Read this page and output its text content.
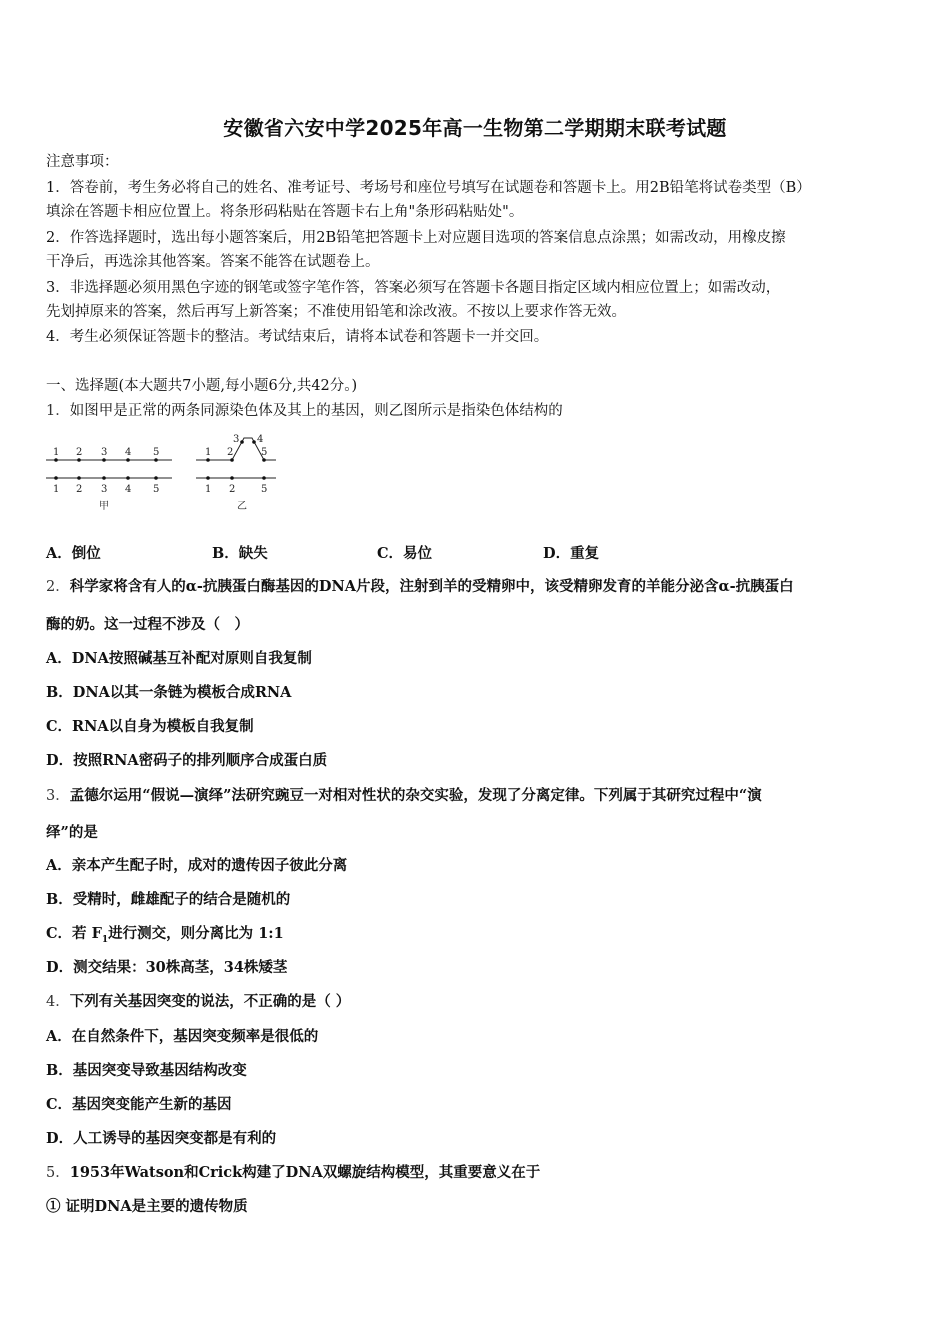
安徽省六安中学2025年高一生物第二学期期末联考试题
注意事项：
1．答卷前，考生务必将自己的姓名、准考证号、考场号和座位号填写在试题卷和答题卡上。用2B铅笔将试卷类型（B）
填涂在答题卡相应位置上。将条形码粘贴在答题卡右上角"条形码粘贴处"。
2．作答选择题时，选出每小题答案后，用2B铅笔把答题卡上对应题目选项的答案信息点涂黑；如需改动，用橡皮擦
干净后，再选涂其他答案。答案不能答在试题卷上。
3．非选择题必须用黑色字迹的钢笔或签字笔作答，答案必须写在答题卡各题目指定区域内相应位置上；如需改动，
先划掉原来的答案，然后再写上新答案；不准使用铅笔和涂改液。不按以上要求作答无效。
4．考生必须保证答题卡的整洁。考试结束后，请将本试卷和答题卡一并交回。
一、选择题(本大题共7小题,每小题6分,共42分。)
1．如图甲是正常的两条同源染色体及其上的基因，则乙图所示是指染色体结构的
1 2 3 4 5
1 2 3 4 5
甲
1 2
3 4
5
1 2	5
乙
A．倒位	B．缺失	C．易位	D．重复
2．科学家将含有人的α-抗胰蛋白酶基因的DNA片段，注射到羊的受精卵中，该受精卵发育的羊能分泌含α-抗胰蛋白
酶的奶。这一过程不涉及（　）
A．DNA按照碱基互补配对原则自我复制
B．DNA以其一条链为模板合成RNA
C．RNA以自身为模板自我复制
D．按照RNA密码子的排列顺序合成蛋白质
3．孟德尔运用“假说—演绎”法研究豌豆一对相对性状的杂交实验，发现了分离定律。下列属于其研究过程中“演
绎”的是
A．亲本产生配子时，成对的遗传因子彼此分离
B．受精时，雌雄配子的结合是随机的
C．若 $F_1$进行测交，则分离比为 1:1
D．测交结果：30株高茎，34株矮茎
4．下列有关基因突变的说法，不正确的是（ ）
A．在自然条件下，基因突变频率是很低的
B．基因突变导致基因结构改变
C．基因突变能产生新的基因
D．人工诱导的基因突变都是有利的
5．1953年Watson和Crick构建了DNA双螺旋结构模型，其重要意义在于
① 证明DNA是主要的遗传物质
